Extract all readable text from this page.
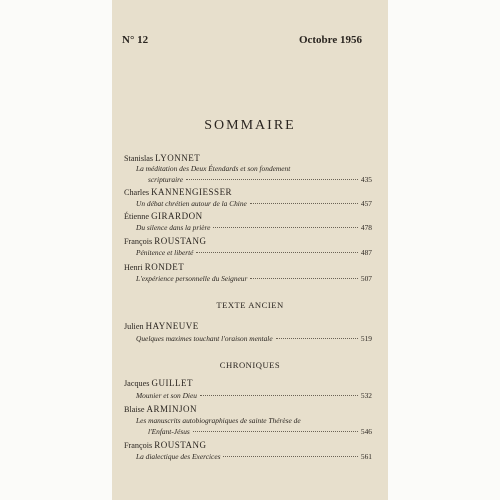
N° 12	Octobre 1956
SOMMAIRE
Stanislas LYONNET
La méditation des Deux Étendards et son fondement
scripturaire	435
Charles KANNENGIESSER
Un débat chrétien autour de la Chine	457
Étienne GIRARDON
Du silence dans la prière	478
François ROUSTANG
Pénitence et liberté	487
Henri RONDET
L'expérience personnelle du Seigneur	507
TEXTE ANCIEN
Julien HAYNEUVE
Quelques maximes touchant l'oraison mentale	519
CHRONIQUES
Jacques GUILLET
Mounier et son Dieu	532
Blaise ARMINJON
Les manuscrits autobiographiques de sainte Thérèse de
l'Enfant-Jésus	546
François ROUSTANG
La dialectique des Exercices	561
